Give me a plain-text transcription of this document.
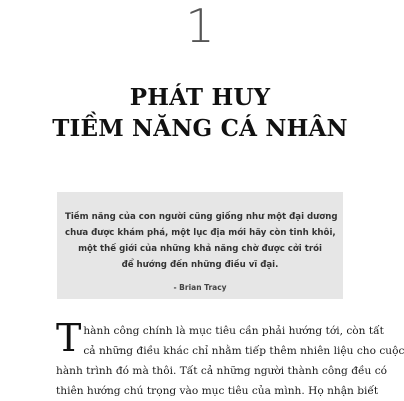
1
PHÁT HUY
TIỀM NĂNG CÁ NHÂN

Tiềm năng của con người cũng giống như một đại dương
chưa được khám phá, một lục địa mới hãy còn tinh khôi,
một thế giới của những khả năng chờ được cởi trói
để hướng đến những điều vĩ đại.

- Brian Tracy

T hành công chính là mục tiêu cần phải hướng tới, còn tất
cả những điều khác chỉ nhằm tiếp thêm nhiên liệu cho cuộc
hành trình đó mà thôi. Tất cả những người thành công đều có
thiên hướng chú trọng vào mục tiêu của mình. Họ nhận biết
